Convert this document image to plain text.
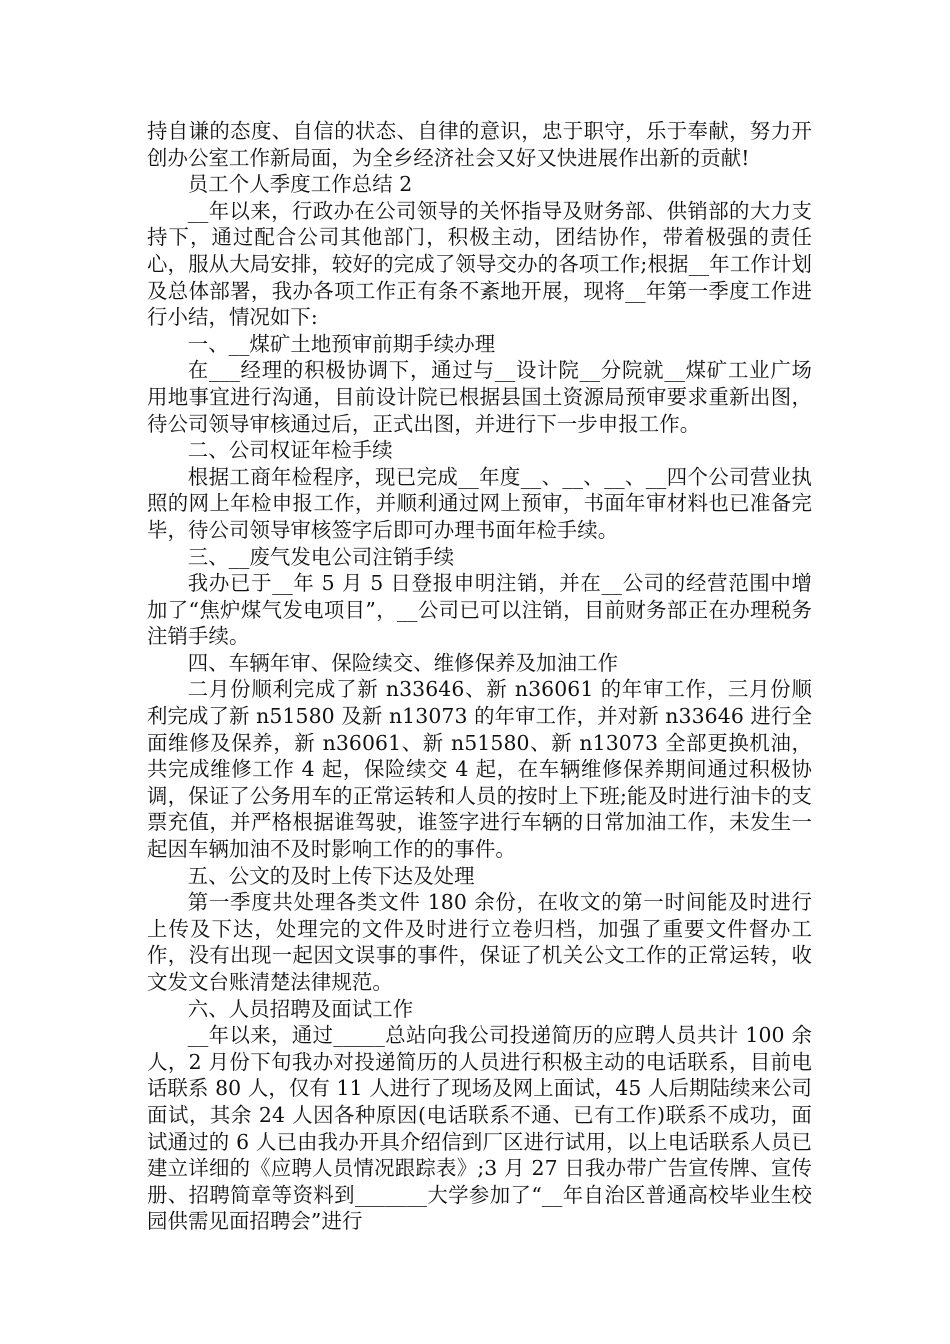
持自谦的态度、自信的状态、自律的意识，忠于职守，乐于奉献，努力开创办公室工作新局面，为全乡经济社会又好又快进展作出新的贡献!

员工个人季度工作总结 2

__年以来，行政办在公司领导的关怀指导及财务部、供销部的大力支持下，通过配合公司其他部门，积极主动，团结协作，带着极强的责任心，服从大局安排，较好的完成了领导交办的各项工作;根据__年工作计划及总体部署，我办各项工作正有条不紊地开展，现将__年第一季度工作进行小结，情况如下:

一、__煤矿土地预审前期手续办理

在___经理的积极协调下，通过与__设计院__分院就__煤矿工业广场用地事宜进行沟通，目前设计院已根据县国土资源局预审要求重新出图，待公司领导审核通过后，正式出图，并进行下一步申报工作。

二、公司权证年检手续

根据工商年检程序，现已完成__年度__、__、__、__四个公司营业执照的网上年检申报工作，并顺利通过网上预审，书面年审材料也已准备完毕，待公司领导审核签字后即可办理书面年检手续。

三、__废气发电公司注销手续

我办已于__年 5 月 5 日登报申明注销，并在__公司的经营范围中增加了“焦炉煤气发电项目”，__公司已可以注销，目前财务部正在办理税务注销手续。

四、车辆年审、保险续交、维修保养及加油工作

二月份顺利完成了新 n33646、新 n36061 的年审工作，三月份顺利完成了新 n51580 及新 n13073 的年审工作，并对新 n33646 进行全面维修及保养，新 n36061、新 n51580、新 n13073 全部更换机油，共完成维修工作 4 起，保险续交 4 起，在车辆维修保养期间通过积极协调，保证了公务用车的正常运转和人员的按时上下班;能及时进行油卡的支票充值，并严格根据谁驾驶，谁签字进行车辆的日常加油工作，未发生一起因车辆加油不及时影响工作的的事件。

五、公文的及时上传下达及处理

第一季度共处理各类文件 180 余份，在收文的第一时间能及时进行上传及下达，处理完的文件及时进行立卷归档，加强了重要文件督办工作，没有出现一起因文误事的事件，保证了机关公文工作的正常运转，收文发文台账清楚法律规范。

六、人员招聘及面试工作

__年以来，通过_____总站向我公司投递简历的应聘人员共计 100 余人，2 月份下旬我办对投递简历的人员进行积极主动的电话联系，目前电话联系 80 人，仅有 11 人进行了现场及网上面试，45 人后期陆续来公司面试，其余 24 人因各种原因(电话联系不通、已有工作)联系不成功，面试通过的 6 人已由我办开具介绍信到厂区进行试用，以上电话联系人员已建立详细的《应聘人员情况跟踪表》;3 月 27 日我办带广告宣传牌、宣传册、招聘简章等资料到_______大学参加了“__年自治区普通高校毕业生校园供需见面招聘会”进行
